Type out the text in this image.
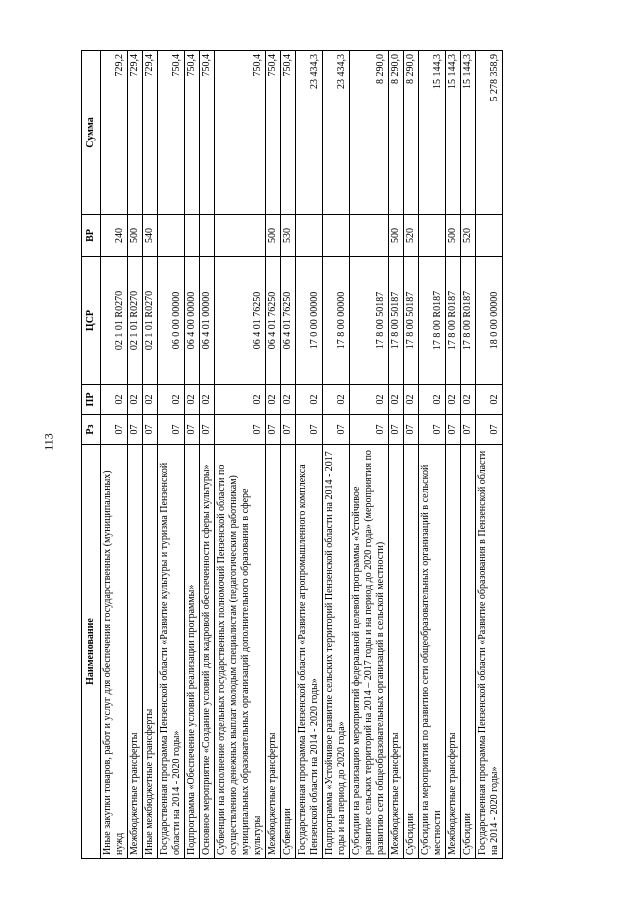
113
Наименование	Рз	ПР	ЦСР	ВР	Сумма
Иные закупки товаров, работ и услуг для обеспечения государственных (муниципальных) нужд	07	02	02 1 01 R0270	240	729,2
Межбюджетные трансферты	07	02	02 1 01 R0270	500	729,4
Иные межбюджетные трансферты	07	02	02 1 01 R0270	540	729,4
Государственная программа Пензенской области «Развитие культуры и туризма Пензенской области на 2014 - 2020 годы»	07	02	06 0 00 00000		750,4
Подпрограмма «Обеспечение условий реализации программы»	07	02	06 4 00 00000		750,4
Основное мероприятие «Создание условий для кадровой обеспеченности сферы культуры»	07	02	06 4 01 00000		750,4
Субвенции на исполнение отдельных государственных полномочий Пензенской области по осуществлению денежных выплат молодым специалистам (педагогическим работникам) муниципальных образовательных организаций дополнительного образования в сфере культуры	07	02	06 4 01 76250		750,4
Межбюджетные трансферты	07	02	06 4 01 76250	500	750,4
Субвенции	07	02	06 4 01 76250	530	750,4
Государственная программа Пензенской области «Развитие агропромышленного комплекса Пензенской области на 2014 - 2020 годы»	07	02	17 0 00 00000		23 434,3
Подпрограмма «Устойчивое развитие сельских территорий Пензенской области на 2014 - 2017 годы и на период до 2020 года»	07	02	17 8 00 00000		23 434,3
Субсидии на реализацию мероприятий федеральной целевой программы «Устойчивое развитие сельских территорий на 2014 – 2017 годы и на период до 2020 года» (мероприятия по развитию сети общеобразовательных организаций в сельской местности)	07	02	17 8 00 50187		8 290,0
Межбюджетные трансферты	07	02	17 8 00 50187	500	8 290,0
Субсидии	07	02	17 8 00 50187	520	8 290,0
Субсидии на мероприятия по развитию сети общеобразовательных организаций в сельской местности	07	02	17 8 00 R0187		15 144,3
Межбюджетные трансферты	07	02	17 8 00 R0187	500	15 144,3
Субсидии	07	02	17 8 00 R0187	520	15 144,3
Государственная программа Пензенской области «Развитие образования в Пензенской области на 2014 - 2020 годы»	07	02	18 0 00 00000		5 278 358,9
